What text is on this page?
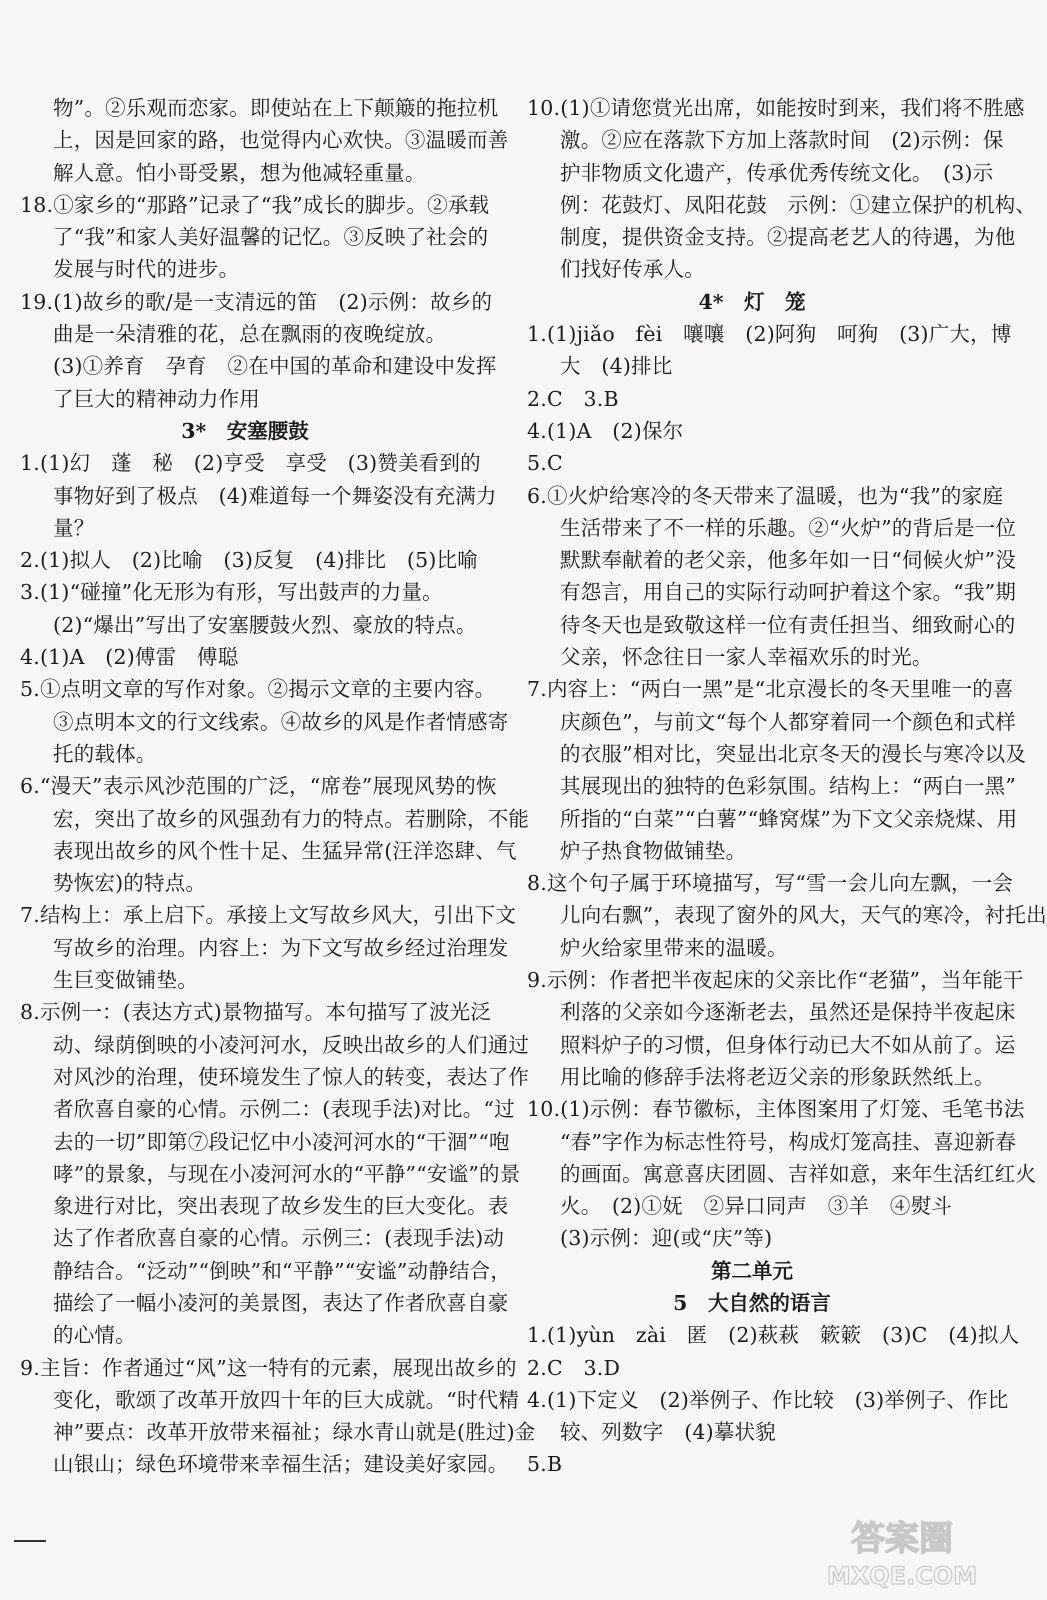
物”。②乐观而恋家。即使站在上下颠簸的拖拉机
上，因是回家的路，也觉得内心欢快。③温暖而善
解人意。怕小哥受累，想为他减轻重量。
18.①家乡的“那路”记录了“我”成长的脚步。②承载
了“我”和家人美好温馨的记忆。③反映了社会的
发展与时代的进步。
19.(1)故乡的歌/是一支清远的笛　(2)示例：故乡的
曲是一朵清雅的花，总在飘雨的夜晚绽放。
(3)①养育　孕育　②在中国的革命和建设中发挥
了巨大的精神动力作用
3*　安塞腰鼓
1.(1)幻　蓬　秘　(2)亨受　享受　(3)赞美看到的
事物好到了极点　(4)难道每一个舞姿没有充满力
量？
2.(1)拟人　(2)比喻　(3)反复　(4)排比　(5)比喻
3.(1)“碰撞”化无形为有形，写出鼓声的力量。
(2)“爆出”写出了安塞腰鼓火烈、豪放的特点。
4.(1)A　(2)傅雷　傅聪
5.①点明文章的写作对象。②揭示文章的主要内容。
③点明本文的行文线索。④故乡的风是作者情感寄
托的载体。
6.“漫天”表示风沙范围的广泛，“席卷”展现风势的恢
宏，突出了故乡的风强劲有力的特点。若删除，不能
表现出故乡的风个性十足、生猛异常(汪洋恣肆、气
势恢宏)的特点。
7.结构上：承上启下。承接上文写故乡风大，引出下文
写故乡的治理。内容上：为下文写故乡经过治理发
生巨变做铺垫。
8.示例一：(表达方式)景物描写。本句描写了波光泛
动、绿荫倒映的小凌河河水，反映出故乡的人们通过
对风沙的治理，使环境发生了惊人的转变，表达了作
者欣喜自豪的心情。示例二：(表现手法)对比。“过
去的一切”即第⑦段记忆中小凌河河水的“干涸”“咆
哮”的景象，与现在小凌河河水的“平静”“安谧”的景
象进行对比，突出表现了故乡发生的巨大变化。表
达了作者欣喜自豪的心情。示例三：(表现手法)动
静结合。“泛动”“倒映”和“平静”“安谧”动静结合，
描绘了一幅小凌河的美景图，表达了作者欣喜自豪
的心情。
9.主旨：作者通过“风”这一特有的元素，展现出故乡的
变化，歌颂了改革开放四十年的巨大成就。“时代精
神”要点：改革开放带来福祉；绿水青山就是(胜过)金
山银山；绿色环境带来幸福生活；建设美好家园。
10.(1)①请您赏光出席，如能按时到来，我们将不胜感
激。②应在落款下方加上落款时间　(2)示例：保
护非物质文化遗产，传承优秀传统文化。　(3)示
例：花鼓灯、凤阳花鼓　示例：①建立保护的机构、
制度，提供资金支持。②提高老艺人的待遇，为他
们找好传承人。
4*　灯　笼
1.(1)jiǎo　fèi　嚷嚷　(2)阿狗　呵狗　(3)广大，博
大　(4)排比
2.C　3.B
4.(1)A　(2)保尔
5.C
6.①火炉给寒冷的冬天带来了温暖，也为“我”的家庭
生活带来了不一样的乐趣。②“火炉”的背后是一位
默默奉献着的老父亲，他多年如一日“伺候火炉”没
有怨言，用自己的实际行动呵护着这个家。“我”期
待冬天也是致敬这样一位有责任担当、细致耐心的
父亲，怀念往日一家人幸福欢乐的时光。
7.内容上：“两白一黑”是“北京漫长的冬天里唯一的喜
庆颜色”，与前文“每个人都穿着同一个颜色和式样
的衣服”相对比，突显出北京冬天的漫长与寒冷以及
其展现出的独特的色彩氛围。结构上：“两白一黑”
所指的“白菜”“白薯”“蜂窝煤”为下文父亲烧煤、用
炉子热食物做铺垫。
8.这个句子属于环境描写，写“雪一会儿向左飘，一会
儿向右飘”，表现了窗外的风大，天气的寒冷，衬托出
炉火给家里带来的温暖。
9.示例：作者把半夜起床的父亲比作“老猫”，当年能干
利落的父亲如今逐渐老去，虽然还是保持半夜起床
照料炉子的习惯，但身体行动已大不如从前了。运
用比喻的修辞手法将老迈父亲的形象跃然纸上。
10.(1)示例：春节徽标，主体图案用了灯笼、毛笔书法
“春”字作为标志性符号，构成灯笼高挂、喜迎新春
的画面。寓意喜庆团圆、吉祥如意，来年生活红红火
火。　(2)①妩　②异口同声　③羊　④熨斗
(3)示例：迎(或“庆”等)
第二单元
5　大自然的语言
1.(1)yùn　zài　匿　(2)萩萩　簌簌　(3)C　(4)拟人
2.C　3.D
4.(1)下定义　(2)举例子、作比较　(3)举例子、作比
较、列数字　(4)摹状貌
5.B
答案圈
MXQE.COM
